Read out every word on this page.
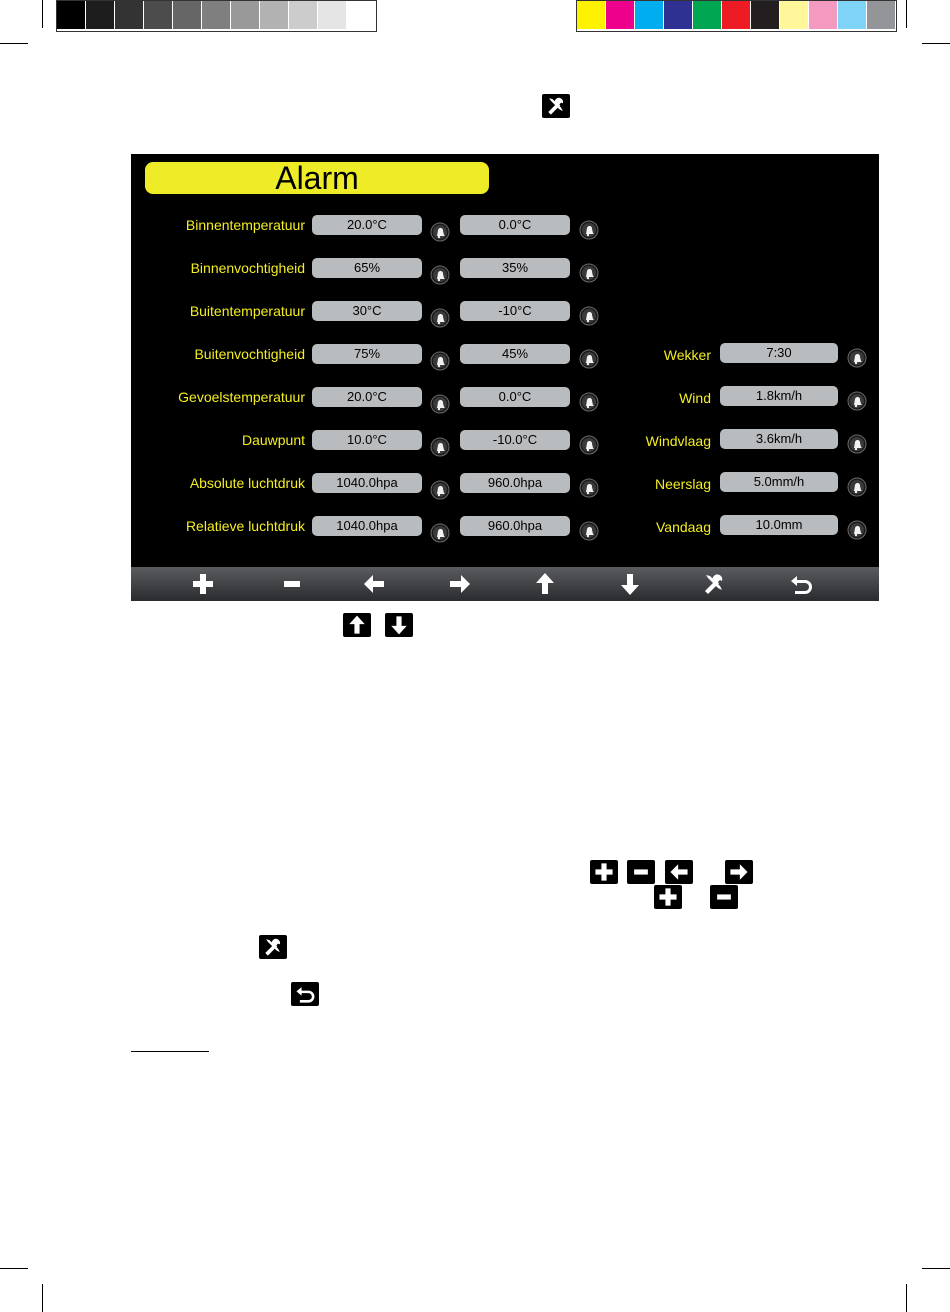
Alarm
Binnentemperatuur	20.0°C	0.0°C
Binnenvochtigheid	65%	35%
Buitentemperatuur	30°C	-10°C
Buitenvochtigheid	75%	45%
Gevoelstemperatuur	20.0°C	0.0°C
Dauwpunt	10.0°C	-10.0°C
Absolute luchtdruk	1040.0hpa	960.0hpa
Relatieve luchtdruk	1040.0hpa	960.0hpa
Wekker	7:30
Wind	1.8km/h
Windvlaag	3.6km/h
Neerslag	5.0mm/h
Vandaag	10.0mm
